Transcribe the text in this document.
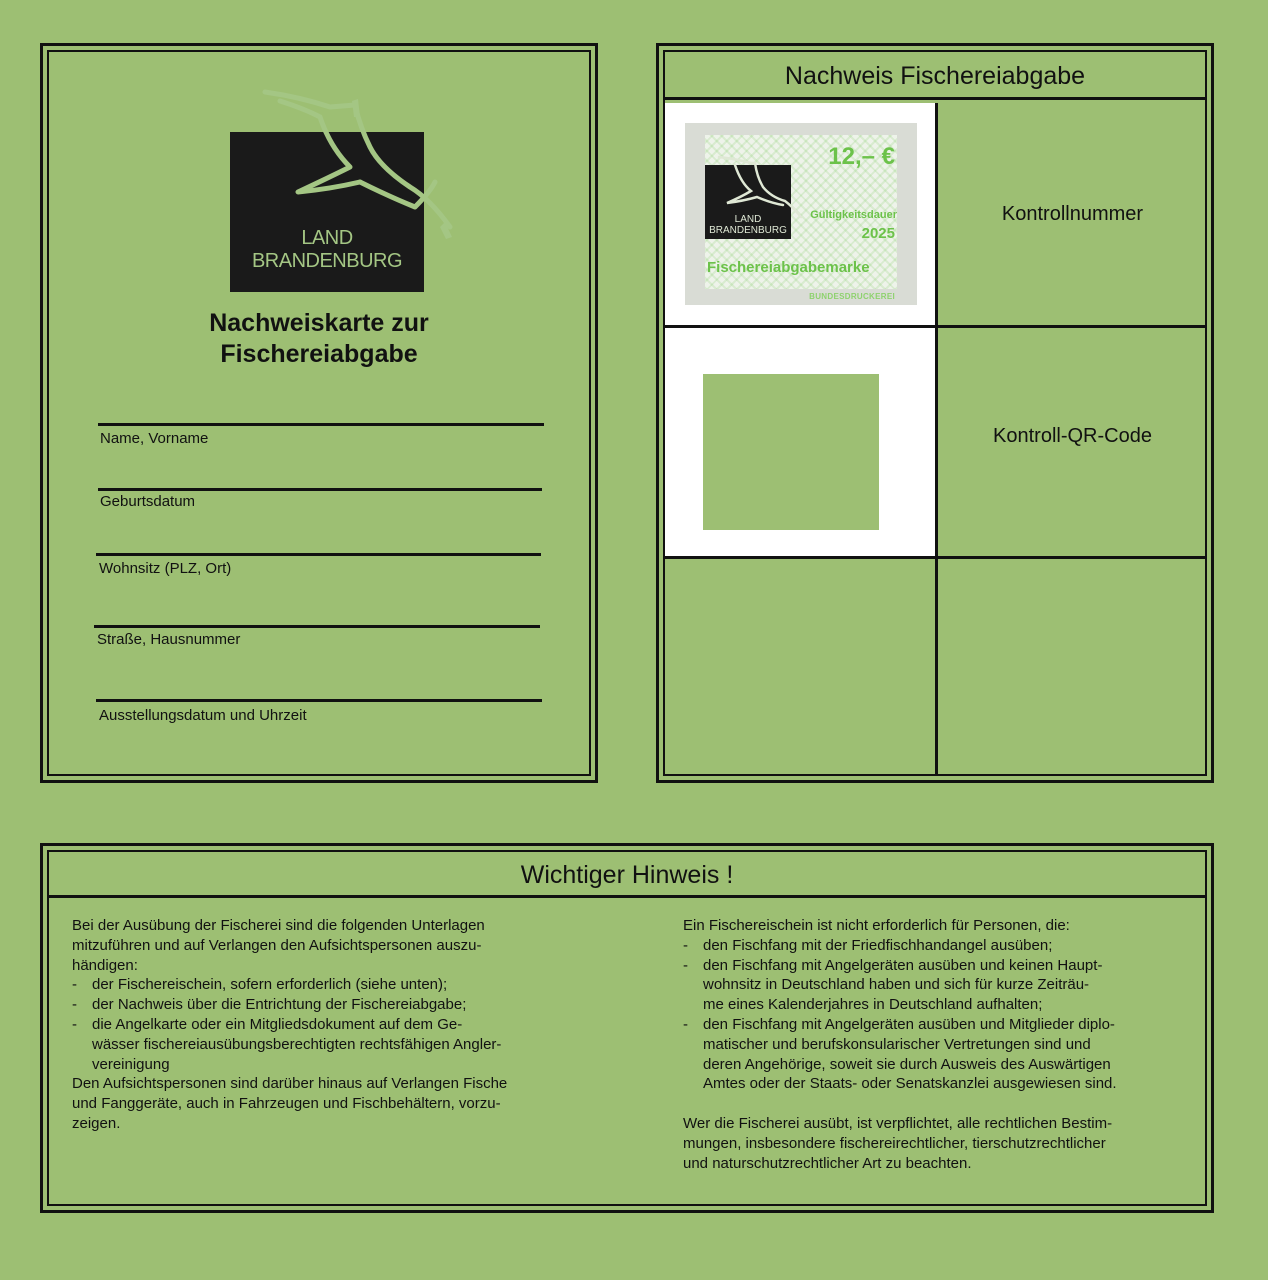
LAND
BRANDENBURG
Nachweiskarte zur
Fischereiabgabe
Name, Vorname
Geburtsdatum
Wohnsitz (PLZ, Ort)
Straße, Hausnummer
Ausstellungsdatum und Uhrzeit
Nachweis Fischereiabgabe
LAND
BRANDENBURG
12,– €
Gültigkeitsdauer
2025
Fischereiabgabemarke
BUNDESDRUCKEREI
Kontrollnummer
Kontroll-QR-Code
Wichtiger Hinweis !

Bei der Ausübung der Fischerei sind die folgenden Unterlagen

mitzuführen und auf Verlangen den Aufsichtspersonen auszu-

händigen:

-	der Fischereischein, sofern erforderlich (siehe unten);

-	der Nachweis über die Entrichtung der Fischereiabgabe;

-	die Angelkarte oder ein Mitgliedsdokument auf dem Ge-

wässer fischereiausübungsberechtigten rechtsfähigen Angler-

vereinigung

Den Aufsichtspersonen sind darüber hinaus auf Verlangen Fische

und Fanggeräte, auch in Fahrzeugen und Fischbehältern, vorzu-

zeigen.

Ein Fischereischein ist nicht erforderlich für Personen, die:

-	den Fischfang mit der Friedfischhandangel ausüben;

-	den Fischfang mit Angelgeräten ausüben und keinen Haupt-

wohnsitz in Deutschland haben und sich für kurze Zeiträu-

me eines Kalenderjahres in Deutschland aufhalten;

-	den Fischfang mit Angelgeräten ausüben und Mitglieder diplo-

matischer und berufskonsularischer Vertretungen sind und

deren Angehörige, soweit sie durch Ausweis des Auswärtigen

Amtes oder der Staats- oder Senatskanzlei ausgewiesen sind.

Wer die Fischerei ausübt, ist verpflichtet, alle rechtlichen Bestim-

mungen, insbesondere fischereirechtlicher, tierschutzrechtlicher

und naturschutzrechtlicher Art zu beachten.
